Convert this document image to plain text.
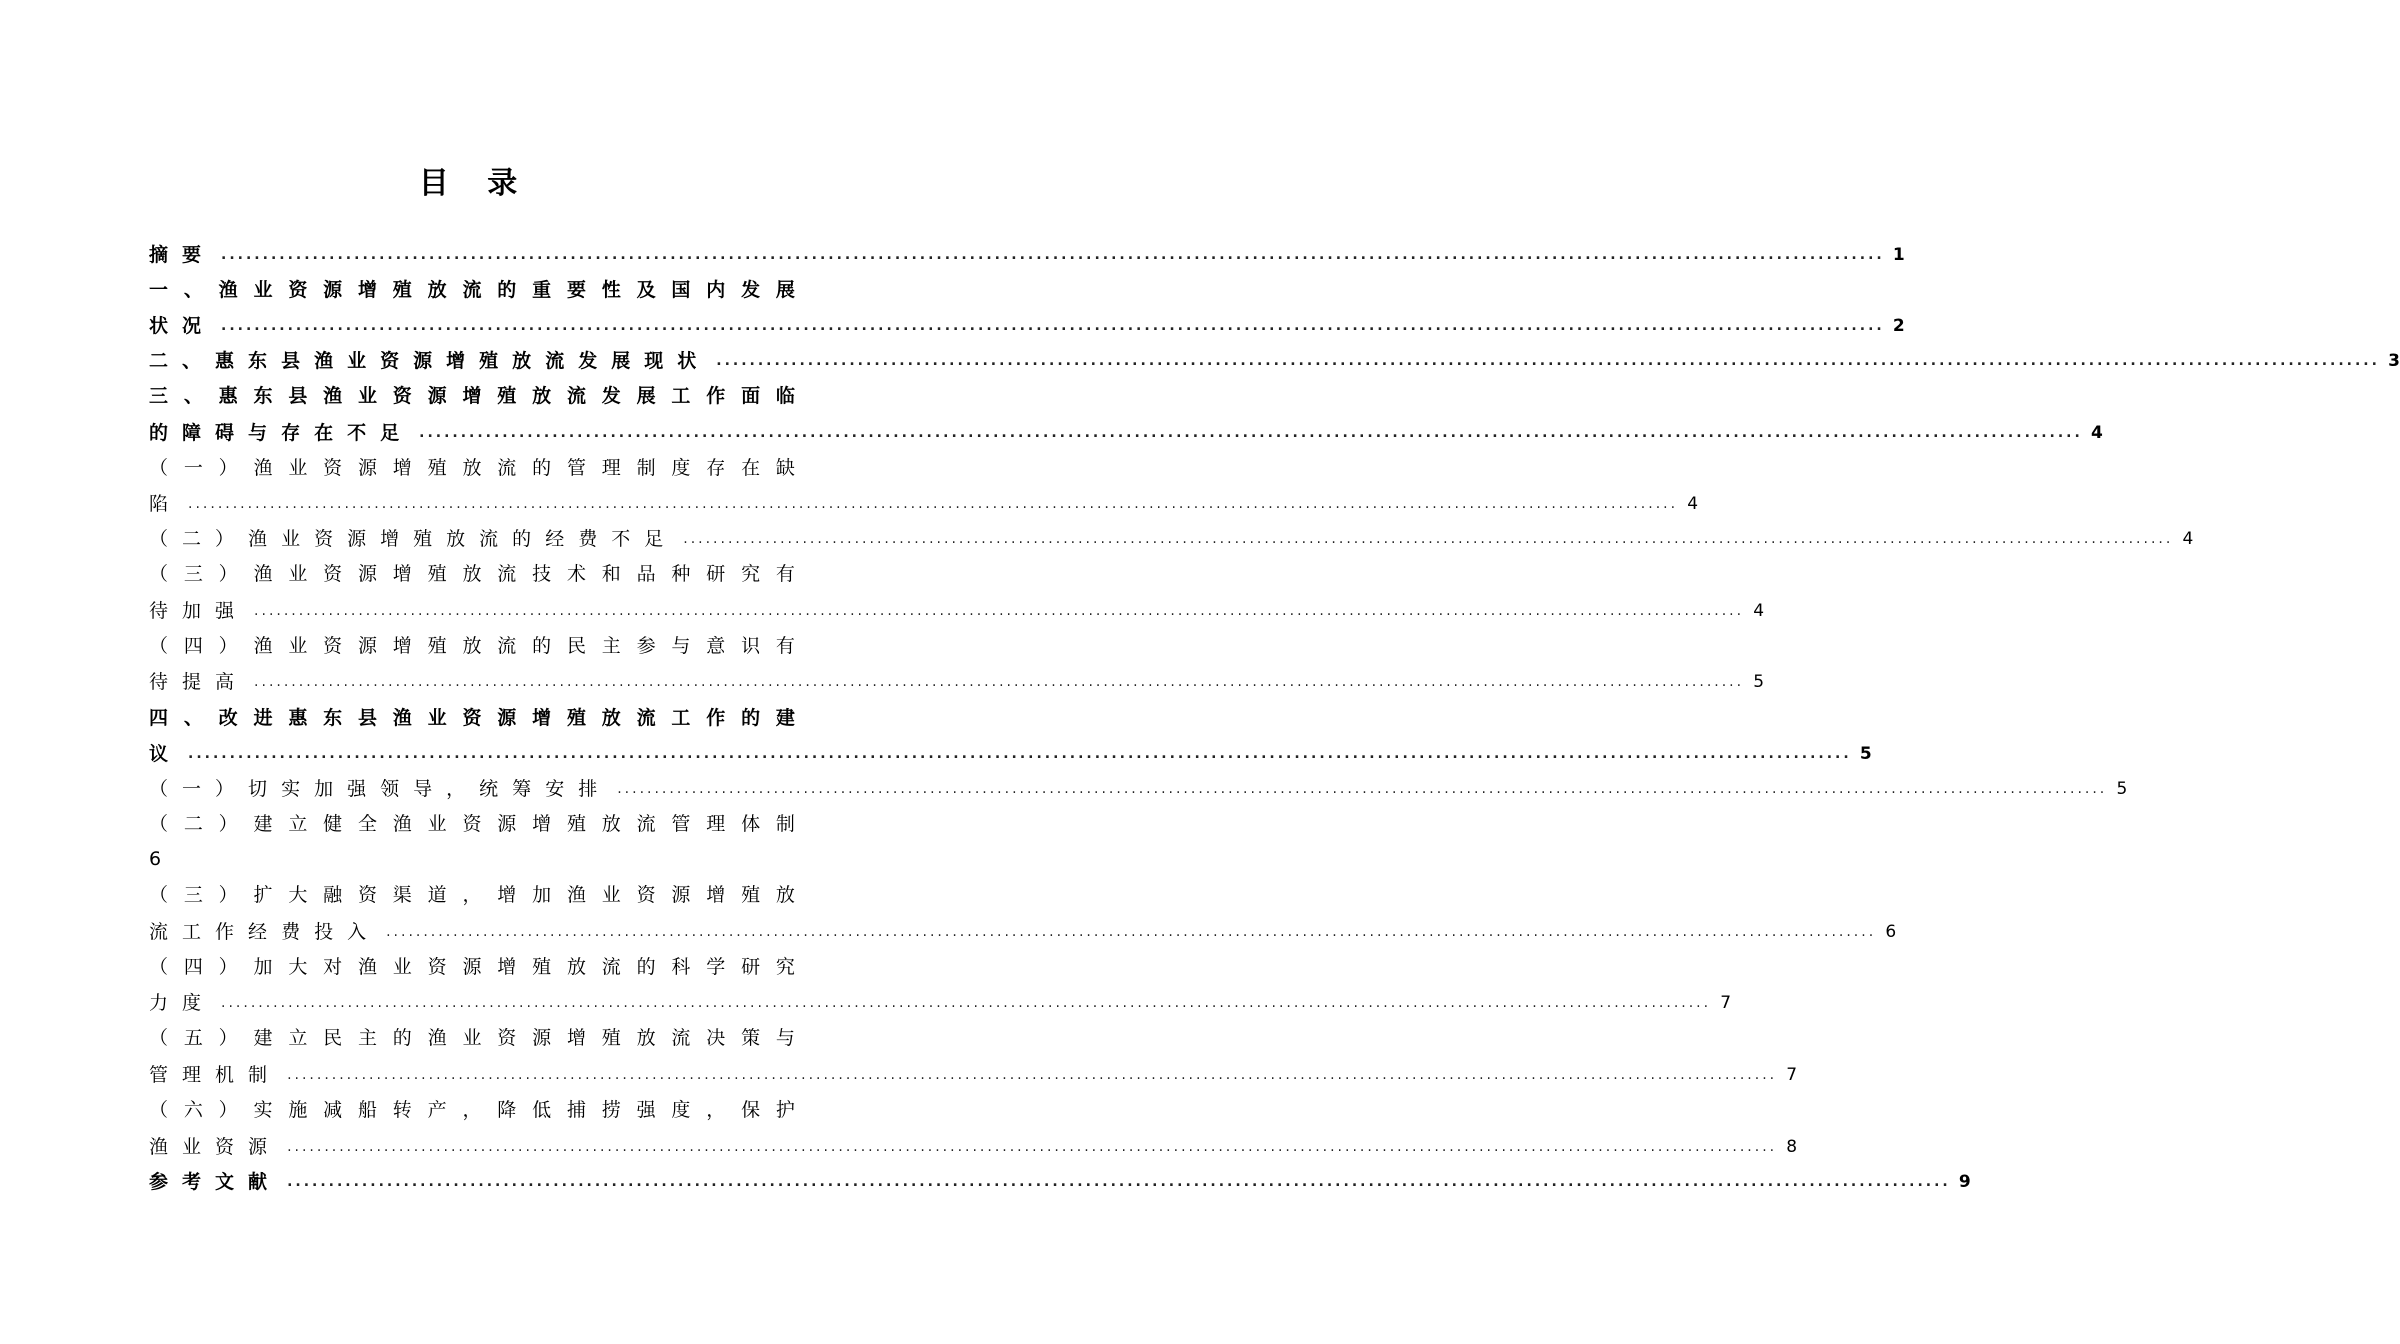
目 录
摘 要	........................................................................................................................................................................................................ 1
一 、 渔 业 资 源 增 殖 放 流 的 重 要 性 及 国 内 发 展
状 况	........................................................................................................................................................................................................ 2
二 、 惠 东 县 渔 业 资 源 增 殖 放 流 发 展 现 状	........................................................................................................................................................................................................ 3
三 、 惠 东 县 渔 业 资 源 增 殖 放 流 发 展 工 作 面 临
的 障 碍 与 存 在 不 足	........................................................................................................................................................................................................ 4
（ 一 ） 渔 业 资 源 增 殖 放 流 的 管 理 制 度 存 在 缺
陷	........................................................................................................................................................................................................ 4
（ 二 ） 渔 业 资 源 增 殖 放 流 的 经 费 不 足	........................................................................................................................................................................................................ 4
（ 三 ） 渔 业 资 源 增 殖 放 流 技 术 和 品 种 研 究 有
待 加 强	........................................................................................................................................................................................................ 4
（ 四 ） 渔 业 资 源 增 殖 放 流 的 民 主 参 与 意 识 有
待 提 高	........................................................................................................................................................................................................ 5
四 、 改 进 惠 东 县 渔 业 资 源 增 殖 放 流 工 作 的 建
议	........................................................................................................................................................................................................ 5
（ 一 ） 切 实 加 强 领 导 ， 统 筹 安 排	........................................................................................................................................................................................................ 5
（ 二 ） 建 立 健 全 渔 业 资 源 增 殖 放 流 管 理 体 制
6
（ 三 ） 扩 大 融 资 渠 道 ， 增 加 渔 业 资 源 增 殖 放
流 工 作 经 费 投 入	........................................................................................................................................................................................................ 6
（ 四 ） 加 大 对 渔 业 资 源 增 殖 放 流 的 科 学 研 究
力 度	........................................................................................................................................................................................................ 7
（ 五 ） 建 立 民 主 的 渔 业 资 源 增 殖 放 流 决 策 与
管 理 机 制	........................................................................................................................................................................................................ 7
（ 六 ） 实 施 减 船 转 产 ， 降 低 捕 捞 强 度 ， 保 护
渔 业 资 源	........................................................................................................................................................................................................ 8
参 考 文 献	........................................................................................................................................................................................................ 9
